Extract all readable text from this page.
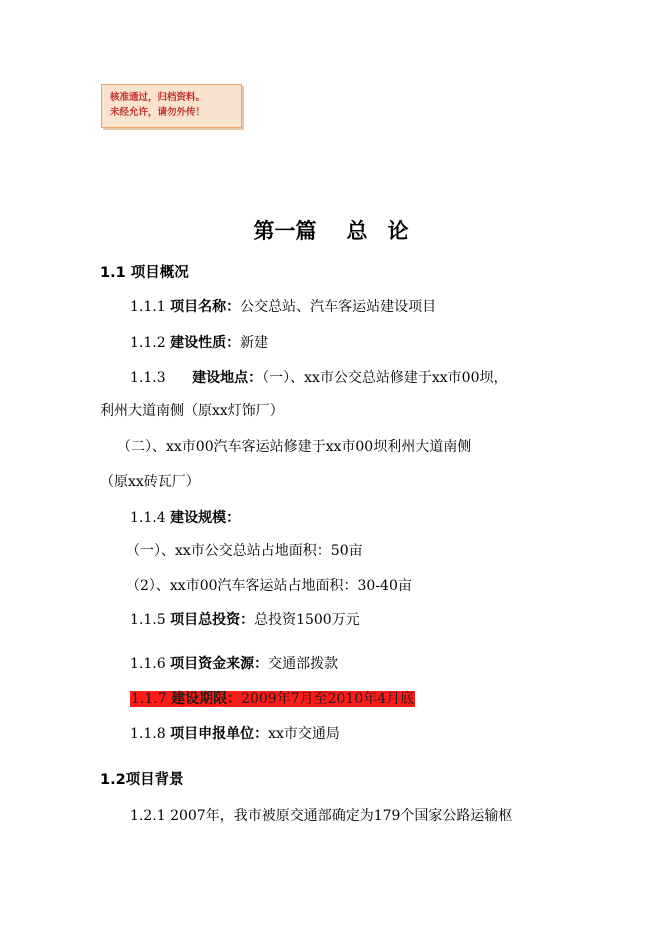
核准通过，归档资料。
未经允许，请勿外传！
第一篇 总 论
1.1 项目概况
1.1.1 项目名称：公交总站、汽车客运站建设项目
1.1.2 建设性质：新建
1.1.3 建设地点：（一）、xx市公交总站修建于xx市00坝，
利州大道南侧（原xx灯饰厂）
（二）、xx市00汽车客运站修建于xx市00坝利州大道南侧
（原xx砖瓦厂）
1.1.4 建设规模：
（一）、xx市公交总站占地面积：50亩
（2）、xx市00汽车客运站占地面积：30-40亩
1.1.5 项目总投资：总投资1500万元
1.1.6 项目资金来源：交通部拨款
1.1.7 建设期限：2009年7月至2010年4月底
1.1.8 项目申报单位：xx市交通局
1.2项目背景
1.2.1 2007年，我市被原交通部确定为179个国家公路运输枢
